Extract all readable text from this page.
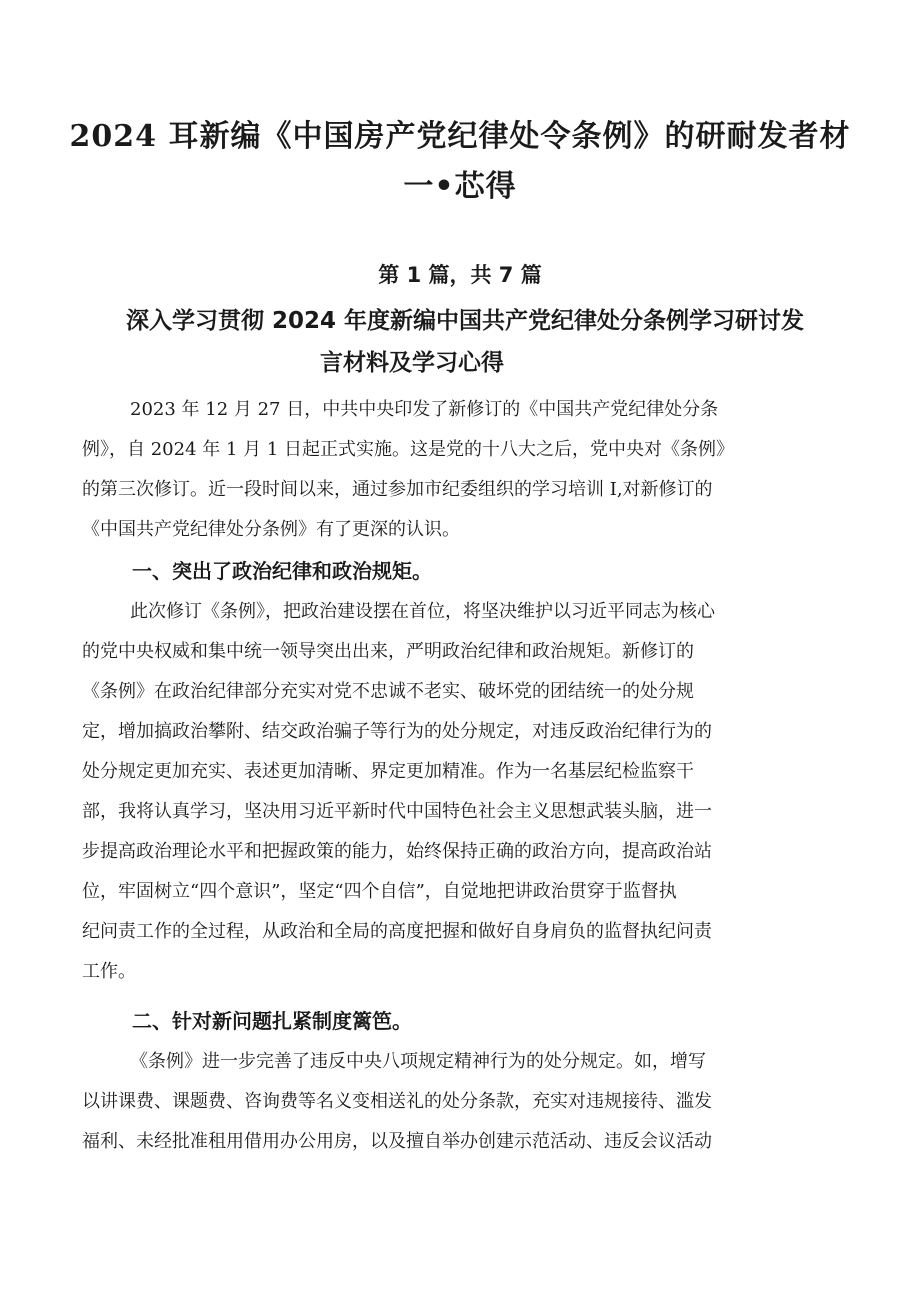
2024 耳新编《中国房产党纪律处令条例》的研耐发者材
一•芯得

第 1 篇，共 7 篇

深入学习贯彻 2024 年度新编中国共产党纪律处分条例学习研讨发
言材料及学习心得
2023 年 12 月 27 日，中共中央印发了新修订的《中国共产党纪律处分条
例》，自 2024 年 1 月 1 日起正式实施。这是党的十八大之后，党中央对《条例》
的第三次修订。近一段时间以来，通过参加市纪委组织的学习培训 I,对新修订的
《中国共产党纪律处分条例》有了更深的认识。
一、突出了政治纪律和政治规矩。
此次修订《条例》，把政治建设摆在首位，将坚决维护以习近平同志为核心
的党中央权威和集中统一领导突出出来，严明政治纪律和政治规矩。新修订的
《条例》在政治纪律部分充实对党不忠诚不老实、破坏党的团结统一的处分规
定，增加搞政治攀附、结交政治骗子等行为的处分规定，对违反政治纪律行为的
处分规定更加充实、表述更加清晰、界定更加精准。作为一名基层纪检监察干
部，我将认真学习，坚决用习近平新时代中国特色社会主义思想武装头脑，进一
步提高政治理论水平和把握政策的能力，始终保持正确的政治方向，提高政治站
位，牢固树立“四个意识”，坚定“四个自信”，自觉地把讲政治贯穿于监督执
纪问责工作的全过程，从政治和全局的高度把握和做好自身肩负的监督执纪问责
工作。
二、针对新问题扎紧制度篱笆。
《条例》进一步完善了违反中央八项规定精神行为的处分规定。如，增写
以讲课费、课题费、咨询费等名义变相送礼的处分条款，充实对违规接待、滥发
福利、未经批准租用借用办公用房，以及擅自举办创建示范活动、违反会议活动
